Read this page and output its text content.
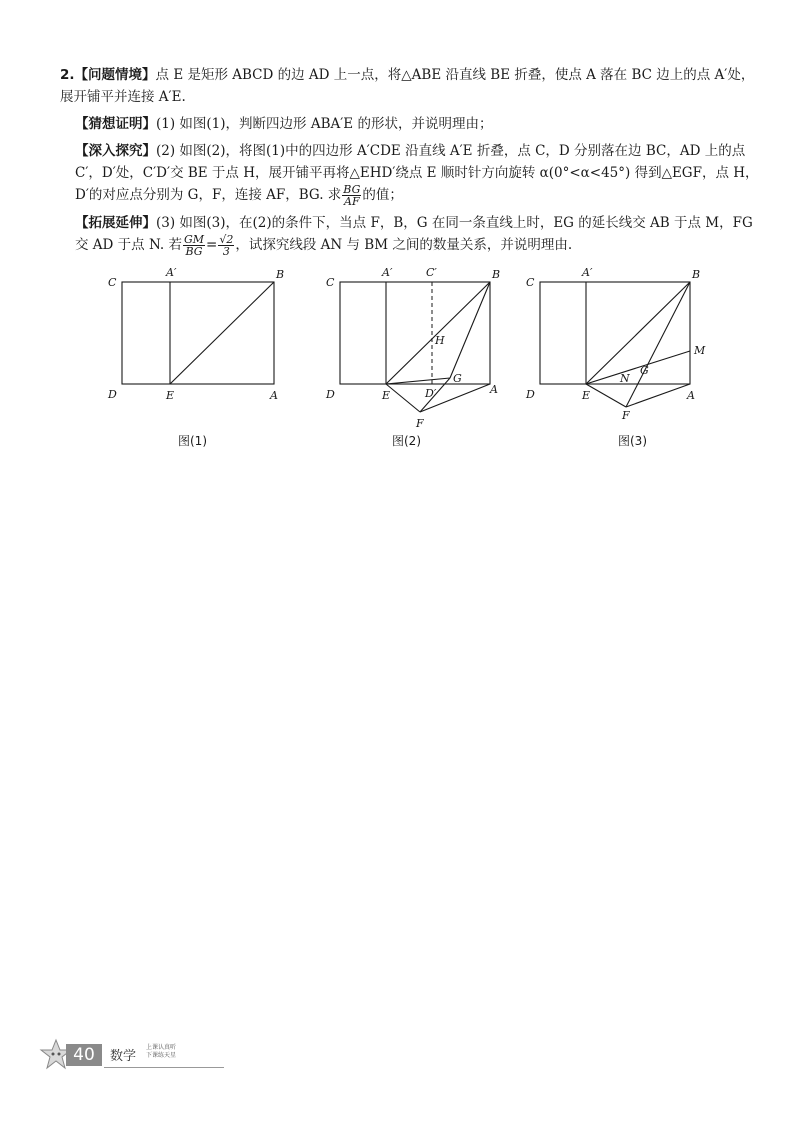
2.【问题情境】点 E 是矩形 ABCD 的边 AD 上一点，将△ABE 沿直线 BE 折叠，使点 A 落在 BC 边上的点 A′处，展开铺平并连接 A′E.

【猜想证明】(1) 如图(1)，判断四边形 ABA′E 的形状，并说明理由；

【深入探究】(2) 如图(2)，将图(1)中的四边形 A′CDE 沿直线 A′E 折叠，点 C，D 分别落在边 BC，AD 上的点 C′，D′处，C′D′交 BE 于点 H，展开铺平再将△EHD′绕点 E 顺时针方向旋转 α(0°<α<45°) 得到△EGF，点 H，D′的对应点分别为 G，F，连接 AF，BG. 求 $\frac{BG}{AF}$ 的值；

【拓展延伸】(3) 如图(3)，在(2)的条件下，当点 F，B，G 在同一条直线上时，EG 的延长线交 AB 于点 M，FG 交 AD 于点 N. 若 $\frac{GM}{BG} = \frac{√2}{3}$ ，试探究线段 AN 与 BM 之间的数量关系，并说明理由.

C
A′	B
D	E	A
图(1)
C
A′	C′	B
H
D	E	D′
G
A
F
图(2)
C
A′	B
M
N
G
D	E	A
F
图(3)
40	数学
上课认真听
下课练天星
